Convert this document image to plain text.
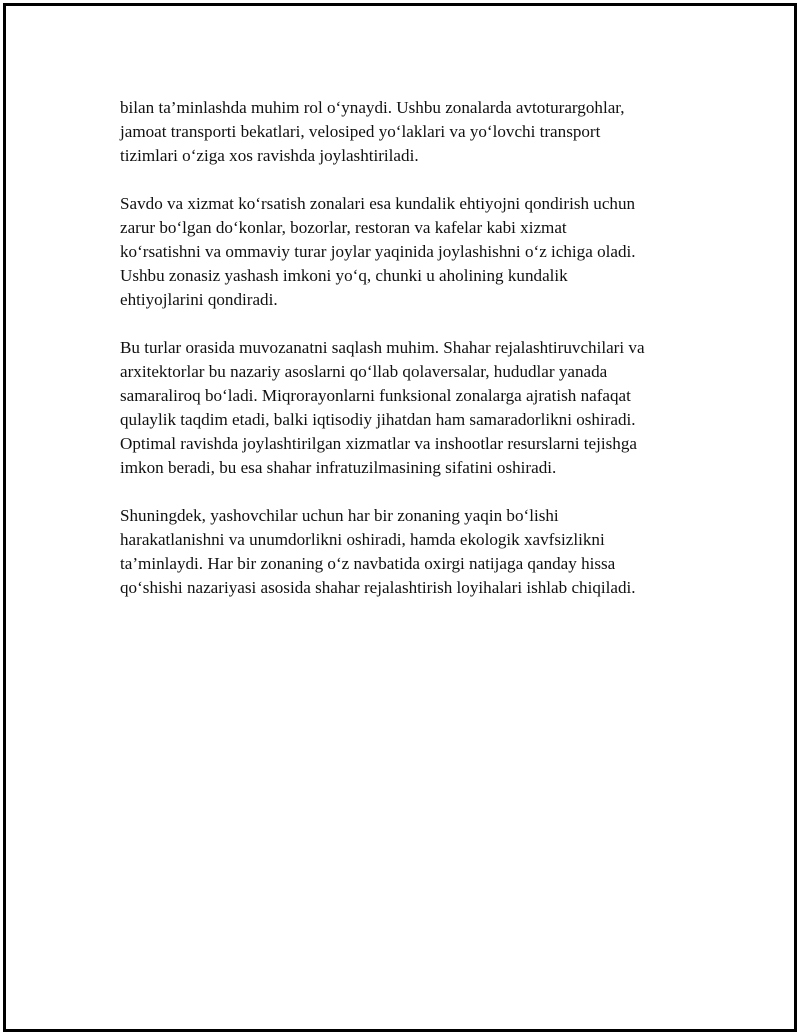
bilan ta’minlashda muhim rol o‘ynaydi. Ushbu zonalarda avtoturargohlar,
jamoat transporti bekatlari, velosiped yo‘laklari va yo‘lovchi transport
tizimlari o‘ziga xos ravishda joylashtiriladi.

Savdo va xizmat ko‘rsatish zonalari esa kundalik ehtiyojni qondirish uchun
zarur bo‘lgan do‘konlar, bozorlar, restoran va kafelar kabi xizmat
ko‘rsatishni va ommaviy turar joylar yaqinida joylashishni o‘z ichiga oladi.
Ushbu zonasiz yashash imkoni yo‘q, chunki u aholining kundalik
ehtiyojlarini qondiradi.

Bu turlar orasida muvozanatni saqlash muhim. Shahar rejalashtiruvchilari va
arxitektorlar bu nazariy asoslarni qo‘llab qolaversalar, hududlar yanada
samaraliroq bo‘ladi. Miqrorayonlarni funksional zonalarga ajratish nafaqat
qulaylik taqdim etadi, balki iqtisodiy jihatdan ham samaradorlikni oshiradi.
Optimal ravishda joylashtirilgan xizmatlar va inshootlar resurslarni tejishga
imkon beradi, bu esa shahar infratuzilmasining sifatini oshiradi.

Shuningdek, yashovchilar uchun har bir zonaning yaqin bo‘lishi
harakatlanishni va unumdorlikni oshiradi, hamda ekologik xavfsizlikni
ta’minlaydi. Har bir zonaning o‘z navbatida oxirgi natijaga qanday hissa
qo‘shishi nazariyasi asosida shahar rejalashtirish loyihalari ishlab chiqiladi.
